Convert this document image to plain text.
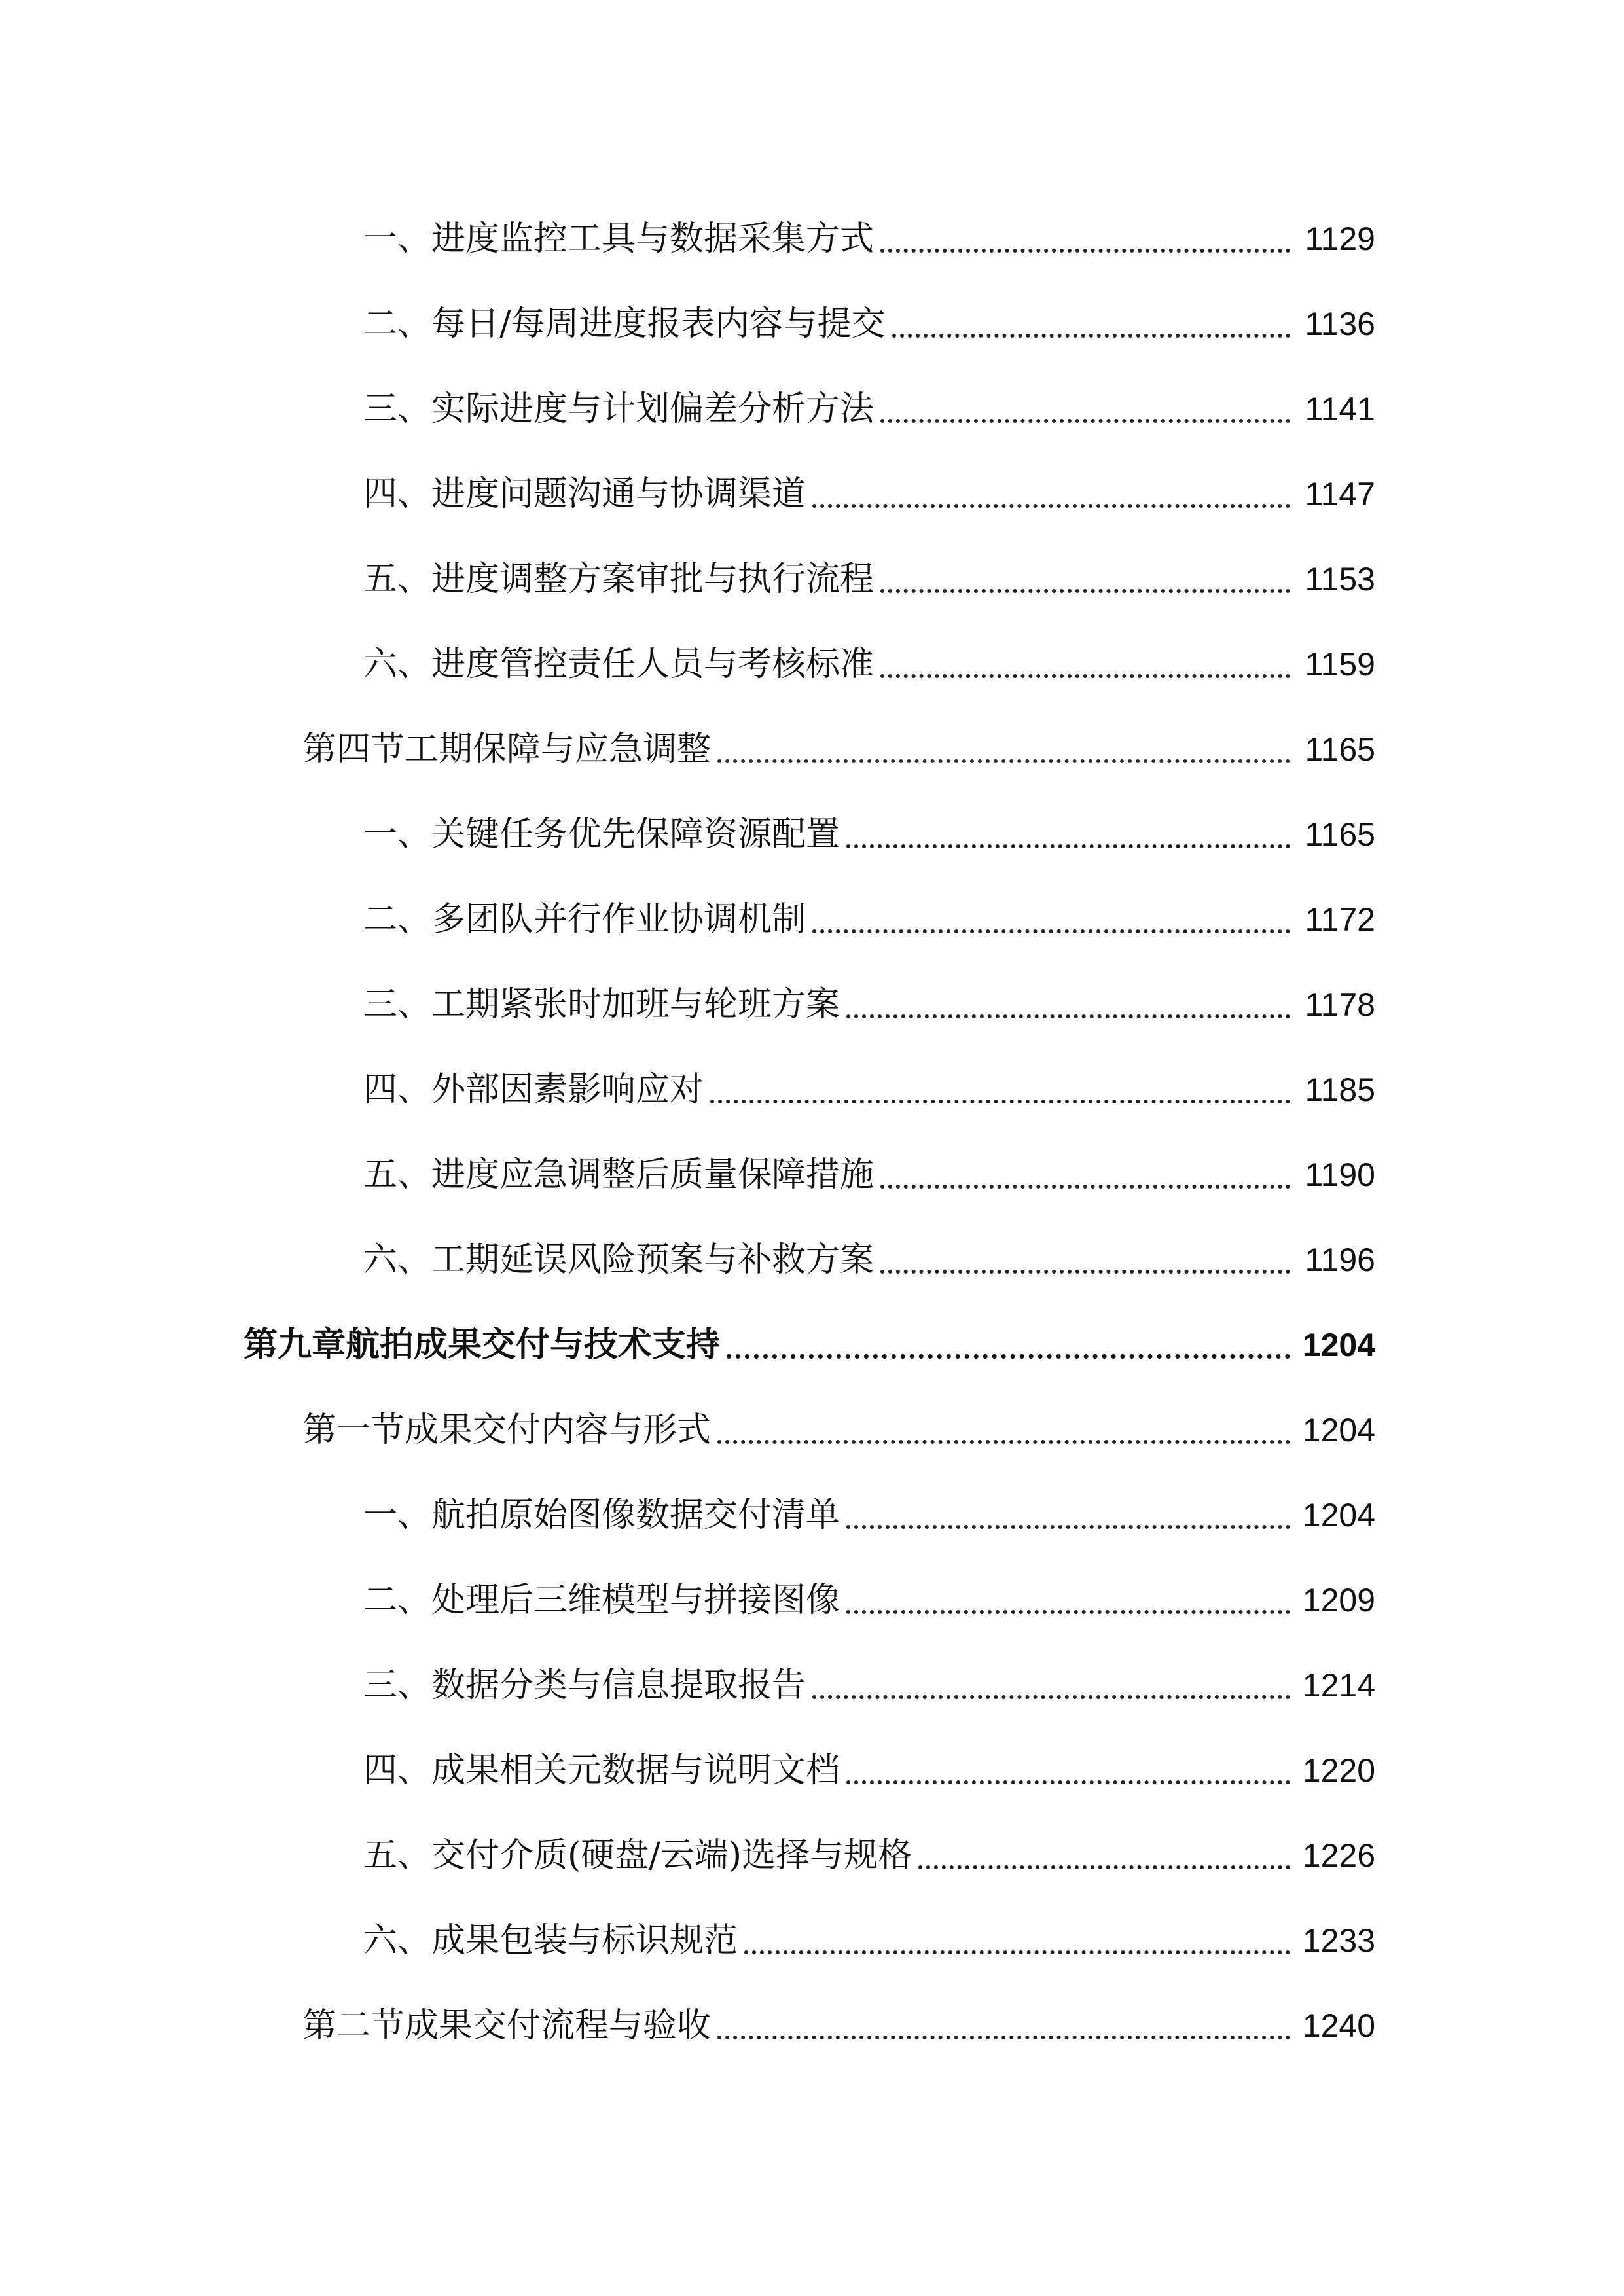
一、进度监控工具与数据采集方式	1129
二、每日/每周进度报表内容与提交	1136
三、实际进度与计划偏差分析方法	1141
四、进度问题沟通与协调渠道	1147
五、进度调整方案审批与执行流程	1153
六、进度管控责任人员与考核标准	1159
第四节工期保障与应急调整	1165
一、关键任务优先保障资源配置	1165
二、多团队并行作业协调机制	1172
三、工期紧张时加班与轮班方案	1178
四、外部因素影响应对	1185
五、进度应急调整后质量保障措施	1190
六、工期延误风险预案与补救方案	1196
第九章航拍成果交付与技术支持	1204
第一节成果交付内容与形式	1204
一、航拍原始图像数据交付清单	1204
二、处理后三维模型与拼接图像	1209
三、数据分类与信息提取报告	1214
四、成果相关元数据与说明文档	1220
五、交付介质(硬盘/云端)选择与规格	1226
六、成果包装与标识规范	1233
第二节成果交付流程与验收	1240
